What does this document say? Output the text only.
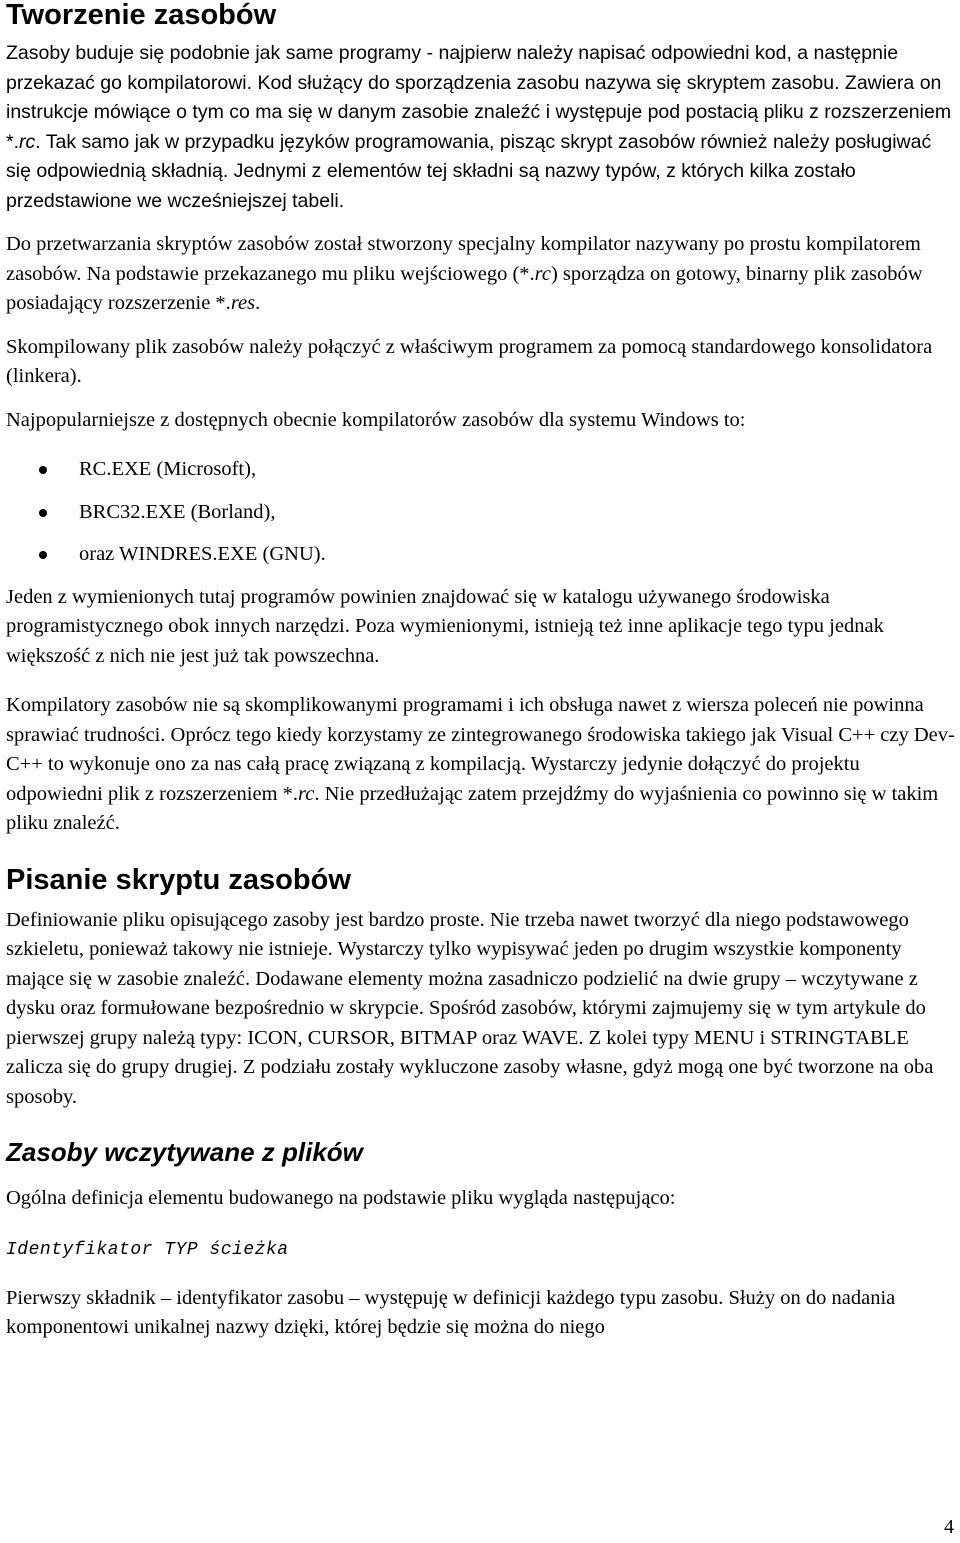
Tworzenie zasobów

Zasoby buduje się podobnie jak same programy - najpierw należy napisać odpowiedni kod, a następnie przekazać go kompilatorowi. Kod służący do sporządzenia zasobu nazywa się skryptem zasobu. Zawiera on instrukcje mówiące o tym co ma się w danym zasobie znaleźć i występuje pod postacią pliku z rozszerzeniem *.rc. Tak samo jak w przypadku języków programowania, pisząc skrypt zasobów również należy posługiwać się odpowiednią składnią. Jednymi z elementów tej składni są nazwy typów, z których kilka zostało przedstawione we wcześniejszej tabeli.

Do przetwarzania skryptów zasobów został stworzony specjalny kompilator nazywany po prostu kompilatorem zasobów. Na podstawie przekazanego mu pliku wejściowego (*.rc) sporządza on gotowy, binarny plik zasobów posiadający rozszerzenie *.res.

Skompilowany plik zasobów należy połączyć z właściwym programem za pomocą standardowego konsolidatora (linkera).

Najpopularniejsze z dostępnych obecnie kompilatorów zasobów dla systemu Windows to:

RC.EXE (Microsoft),
BRC32.EXE (Borland),
oraz WINDRES.EXE (GNU).

Jeden z wymienionych tutaj programów powinien znajdować się w katalogu używanego środowiska programistycznego obok innych narzędzi. Poza wymienionymi, istnieją też inne aplikacje tego typu jednak większość z nich nie jest już tak powszechna.

Kompilatory zasobów nie są skomplikowanymi programami i ich obsługa nawet z wiersza poleceń nie powinna sprawiać trudności. Oprócz tego kiedy korzystamy ze zintegrowanego środowiska takiego jak Visual C++ czy Dev-C++ to wykonuje ono za nas całą pracę związaną z kompilacją. Wystarczy jedynie dołączyć do projektu odpowiedni plik z rozszerzeniem *.rc. Nie przedłużając zatem przejdźmy do wyjaśnienia co powinno się w takim pliku znaleźć.

Pisanie skryptu zasobów

Definiowanie pliku opisującego zasoby jest bardzo proste. Nie trzeba nawet tworzyć dla niego podstawowego szkieletu, ponieważ takowy nie istnieje. Wystarczy tylko wypisywać jeden po drugim wszystkie komponenty mające się w zasobie znaleźć. Dodawane elementy można zasadniczo podzielić na dwie grupy – wczytywane z dysku oraz formułowane bezpośrednio w skrypcie. Spośród zasobów, którymi zajmujemy się w tym artykule do pierwszej grupy należą typy: ICON, CURSOR, BITMAP oraz WAVE. Z kolei typy MENU i STRINGTABLE zalicza się do grupy drugiej. Z podziału zostały wykluczone zasoby własne, gdyż mogą one być tworzone na oba sposoby.

Zasoby wczytywane z plików

Ogólna definicja elementu budowanego na podstawie pliku wygląda następująco:

Identyfikator TYP ścieżka

Pierwszy składnik – identyfikator zasobu – występuję w definicji każdego typu zasobu. Służy on do nadania komponentowi unikalnej nazwy dzięki, której będzie się można do niego

4
